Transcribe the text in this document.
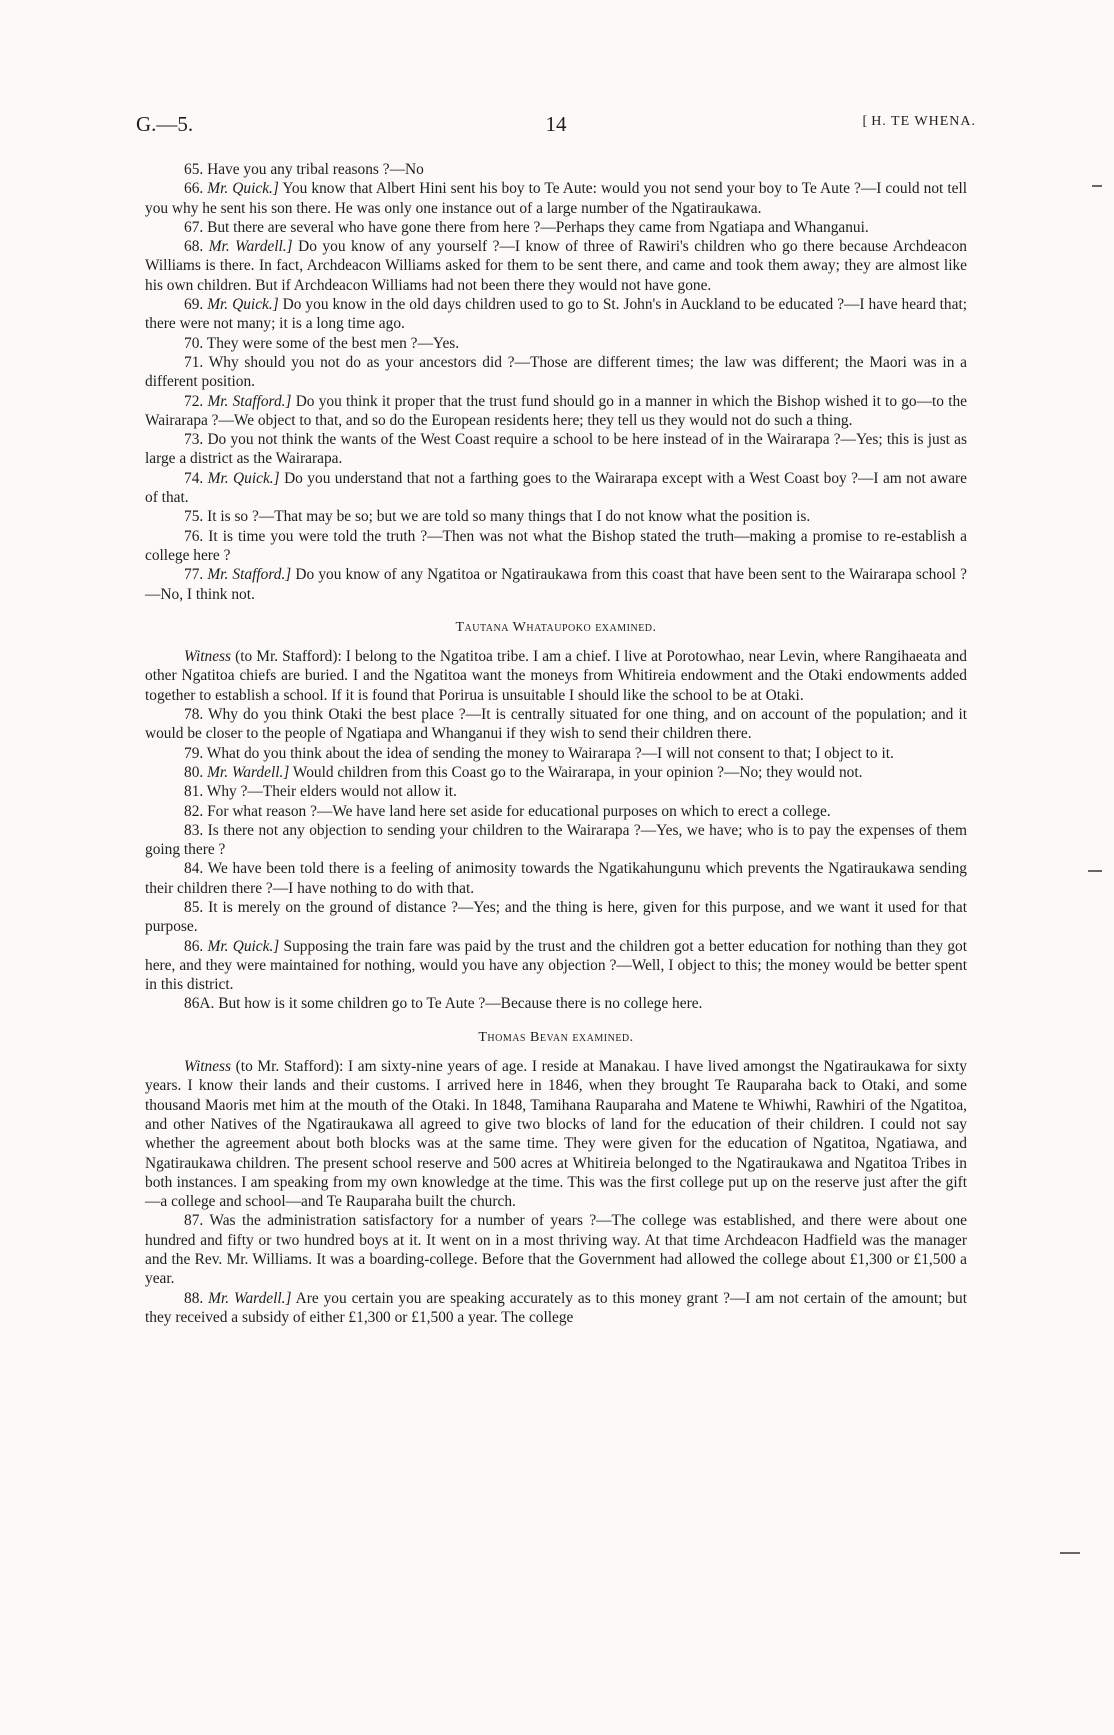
G.—5.	14
[	H. TE WHENA.

65. Have you any tribal reasons ?—No

66. Mr. Quick.] You know that Albert Hini sent his boy to Te Aute: would you not send your boy to Te Aute ?—I could not tell you why he sent his son there. He was only one instance out of a large number of the Ngatiraukawa.

67. But there are several who have gone there from here ?—Perhaps they came from Ngatiapa and Whanganui.

68. Mr. Wardell.] Do you know of any yourself ?—I know of three of Rawiri's children who go there because Archdeacon Williams is there. In fact, Archdeacon Williams asked for them to be sent there, and came and took them away; they are almost like his own children. But if Archdeacon Williams had not been there they would not have gone.

69. Mr. Quick.] Do you know in the old days children used to go to St. John's in Auckland to be educated ?—I have heard that; there were not many; it is a long time ago.

70. They were some of the best men ?—Yes.

71. Why should you not do as your ancestors did ?—Those are different times; the law was different; the Maori was in a different position.

72. Mr. Stafford.] Do you think it proper that the trust fund should go in a manner in which the Bishop wished it to go—to the Wairarapa ?—We object to that, and so do the European residents here; they tell us they would not do such a thing.

73. Do you not think the wants of the West Coast require a school to be here instead of in the Wairarapa ?—Yes; this is just as large a district as the Wairarapa.

74. Mr. Quick.] Do you understand that not a farthing goes to the Wairarapa except with a West Coast boy ?—I am not aware of that.

75. It is so ?—That may be so; but we are told so many things that I do not know what the position is.

76. It is time you were told the truth ?—Then was not what the Bishop stated the truth—making a promise to re-establish a college here ?

77. Mr. Stafford.] Do you know of any Ngatitoa or Ngatiraukawa from this coast that have been sent to the Wairarapa school ?—No, I think not.

Tautana Whataupoko examined.

Witness (to Mr. Stafford): I belong to the Ngatitoa tribe. I am a chief. I live at Porotowhao, near Levin, where Rangihaeata and other Ngatitoa chiefs are buried. I and the Ngatitoa want the moneys from Whitireia endowment and the Otaki endowments added together to establish a school. If it is found that Porirua is unsuitable I should like the school to be at Otaki.

78. Why do you think Otaki the best place ?—It is centrally situated for one thing, and on account of the population; and it would be closer to the people of Ngatiapa and Whanganui if they wish to send their children there.

79. What do you think about the idea of sending the money to Wairarapa ?—I will not consent to that; I object to it.

80. Mr. Wardell.] Would children from this Coast go to the Wairarapa, in your opinion ?—No; they would not.

81. Why ?—Their elders would not allow it.

82. For what reason ?—We have land here set aside for educational purposes on which to erect a college.

83. Is there not any objection to sending your children to the Wairarapa ?—Yes, we have; who is to pay the expenses of them going there ?

84. We have been told there is a feeling of animosity towards the Ngatikahungunu which prevents the Ngatiraukawa sending their children there ?—I have nothing to do with that.

85. It is merely on the ground of distance ?—Yes; and the thing is here, given for this purpose, and we want it used for that purpose.

86. Mr. Quick.] Supposing the train fare was paid by the trust and the children got a better education for nothing than they got here, and they were maintained for nothing, would you have any objection ?—Well, I object to this; the money would be better spent in this district.

86A. But how is it some children go to Te Aute ?—Because there is no college here.

Thomas Bevan examined.

Witness (to Mr. Stafford): I am sixty-nine years of age. I reside at Manakau. I have lived amongst the Ngatiraukawa for sixty years. I know their lands and their customs. I arrived here in 1846, when they brought Te Rauparaha back to Otaki, and some thousand Maoris met him at the mouth of the Otaki. In 1848, Tamihana Rauparaha and Matene te Whiwhi, Rawhiri of the Ngatitoa, and other Natives of the Ngatiraukawa all agreed to give two blocks of land for the education of their children. I could not say whether the agreement about both blocks was at the same time. They were given for the education of Ngatitoa, Ngatiawa, and Ngatiraukawa children. The present school reserve and 500 acres at Whitireia belonged to the Ngatiraukawa and Ngatitoa Tribes in both instances. I am speaking from my own knowledge at the time. This was the first college put up on the reserve just after the gift—a college and school—and Te Rauparaha built the church.

87. Was the administration satisfactory for a number of years ?—The college was established, and there were about one hundred and fifty or two hundred boys at it. It went on in a most thriving way. At that time Archdeacon Hadfield was the manager and the Rev. Mr. Williams. It was a boarding-college. Before that the Government had allowed the college about £1,300 or £1,500 a year.

88. Mr. Wardell.] Are you certain you are speaking accurately as to this money grant ?—I am not certain of the amount; but they received a subsidy of either £1,300 or £1,500 a year. The college
